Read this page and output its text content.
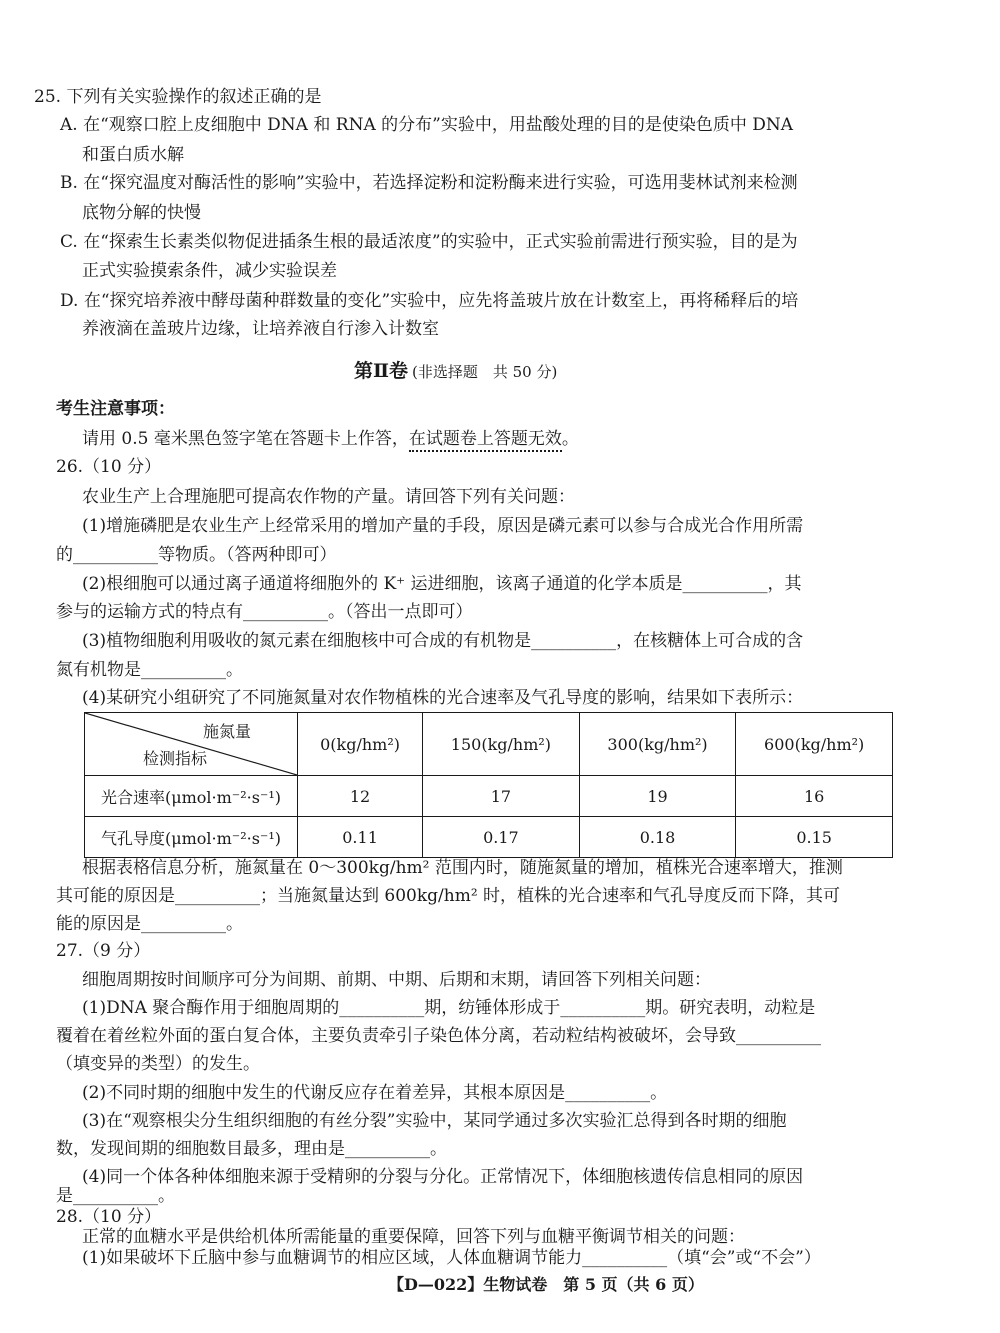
25. 下列有关实验操作的叙述正确的是
A. 在“观察口腔上皮细胞中 DNA 和 RNA 的分布”实验中，用盐酸处理的目的是使染色质中 DNA
和蛋白质水解
B. 在“探究温度对酶活性的影响”实验中，若选择淀粉和淀粉酶来进行实验，可选用斐林试剂来检测
底物分解的快慢
C. 在“探索生长素类似物促进插条生根的最适浓度”的实验中，正式实验前需进行预实验，目的是为
正式实验摸索条件，减少实验误差
D. 在“探究培养液中酵母菌种群数量的变化”实验中，应先将盖玻片放在计数室上，再将稀释后的培
养液滴在盖玻片边缘，让培养液自行渗入计数室
第Ⅱ卷 (非选择题　共 50 分)
考生注意事项：
请用 0.5 毫米黑色签字笔在答题卡上作答，在试题卷上答题无效。
26.（10 分）
农业生产上合理施肥可提高农作物的产量。请回答下列有关问题：
(1)增施磷肥是农业生产上经常采用的增加产量的手段，原因是磷元素可以参与合成光合作用所需
的__________等物质。（答两种即可）
(2)根细胞可以通过离子通道将细胞外的 K⁺ 运进细胞，该离子通道的化学本质是__________，其
参与的运输方式的特点有__________。（答出一点即可）
(3)植物细胞利用吸收的氮元素在细胞核中可合成的有机物是__________，在核糖体上可合成的含
氮有机物是__________。
(4)某研究小组研究了不同施氮量对农作物植株的光合速率及气孔导度的影响，结果如下表所示：
施氮量
检测指标	0(kg/hm²)	150(kg/hm²)	300(kg/hm²)	600(kg/hm²)
光合速率(μmol·m⁻²·s⁻¹)	12	17	19	16
气孔导度(μmol·m⁻²·s⁻¹)	0.11	0.17	0.18	0.15
根据表格信息分析，施氮量在 0～300kg/hm² 范围内时，随施氮量的增加，植株光合速率增大，推测
其可能的原因是__________；当施氮量达到 600kg/hm² 时，植株的光合速率和气孔导度反而下降，其可
能的原因是__________。
27.（9 分）
细胞周期按时间顺序可分为间期、前期、中期、后期和末期，请回答下列相关问题：
(1)DNA 聚合酶作用于细胞周期的__________期，纺锤体形成于__________期。研究表明，动粒是
覆着在着丝粒外面的蛋白复合体，主要负责牵引子染色体分离，若动粒结构被破坏，会导致__________
（填变异的类型）的发生。
(2)不同时期的细胞中发生的代谢反应存在着差异，其根本原因是__________。
(3)在“观察根尖分生组织细胞的有丝分裂”实验中，某同学通过多次实验汇总得到各时期的细胞
数，发现间期的细胞数目最多，理由是__________。
(4)同一个体各种体细胞来源于受精卵的分裂与分化。正常情况下，体细胞核遗传信息相同的原因
是__________。
28.（10 分）
正常的血糖水平是供给机体所需能量的重要保障，回答下列与血糖平衡调节相关的问题：
(1)如果破坏下丘脑中参与血糖调节的相应区域，人体血糖调节能力__________（填“会”或“不会”）
【D—022】生物试卷　第 5 页（共 6 页）
